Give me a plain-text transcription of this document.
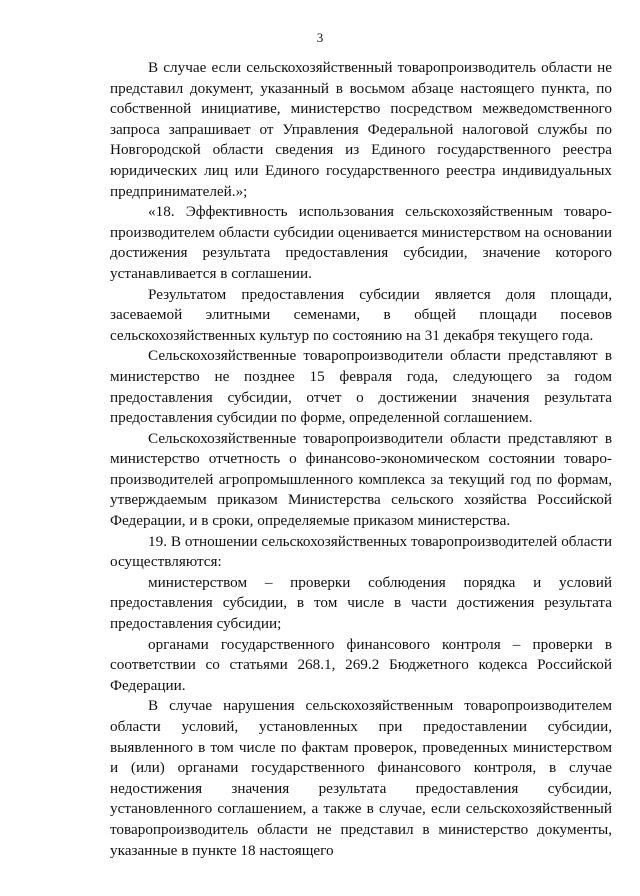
3

В случае если сельскохозяйственный товаропроизводитель области не представил документ, указанный в восьмом абзаце настоящего пункта, по собственной инициативе, министерство посредством межведомственного запроса запрашивает от Управления Федеральной налоговой службы по Новгородской области сведения из Единого государственного реестра юридических лиц или Единого государственного реестра индивидуальных предпринимателей.»;

«18. Эффективность использования сельскохозяйственным товаро-производителем области субсидии оценивается министерством на основании достижения результата предоставления субсидии, значение которого устанавливается в соглашении.

Результатом предоставления субсидии является доля площади, засеваемой элитными семенами, в общей площади посевов сельскохозяйственных культур по состоянию на 31 декабря текущего года.

Сельскохозяйственные товаропроизводители области представляют в министерство не позднее 15 февраля года, следующего за годом предоставления субсидии, отчет о достижении значения результата предоставления субсидии по форме, определенной соглашением.

Сельскохозяйственные товаропроизводители области представляют в министерство отчетность о финансово-экономическом состоянии товаро-производителей агропромышленного комплекса за текущий год по формам, утверждаемым приказом Министерства сельского хозяйства Российской Федерации, и в сроки, определяемые приказом министерства.

19. В отношении сельскохозяйственных товаропроизводителей области осуществляются:

министерством – проверки соблюдения порядка и условий предоставления субсидии, в том числе в части достижения результата предоставления субсидии;

органами государственного финансового контроля – проверки в соответствии со статьями 268.1, 269.2 Бюджетного кодекса Российской Федерации.

В случае нарушения сельскохозяйственным товаропроизводителем области условий, установленных при предоставлении субсидии, выявленного в том числе по фактам проверок, проведенных министерством и (или) органами государственного финансового контроля, в случае недостижения значения результата предоставления субсидии, установленного соглашением, а также в случае, если сельскохозяйственный товаропроизводитель области не представил в министерство документы, указанные в пункте 18 настоящего
